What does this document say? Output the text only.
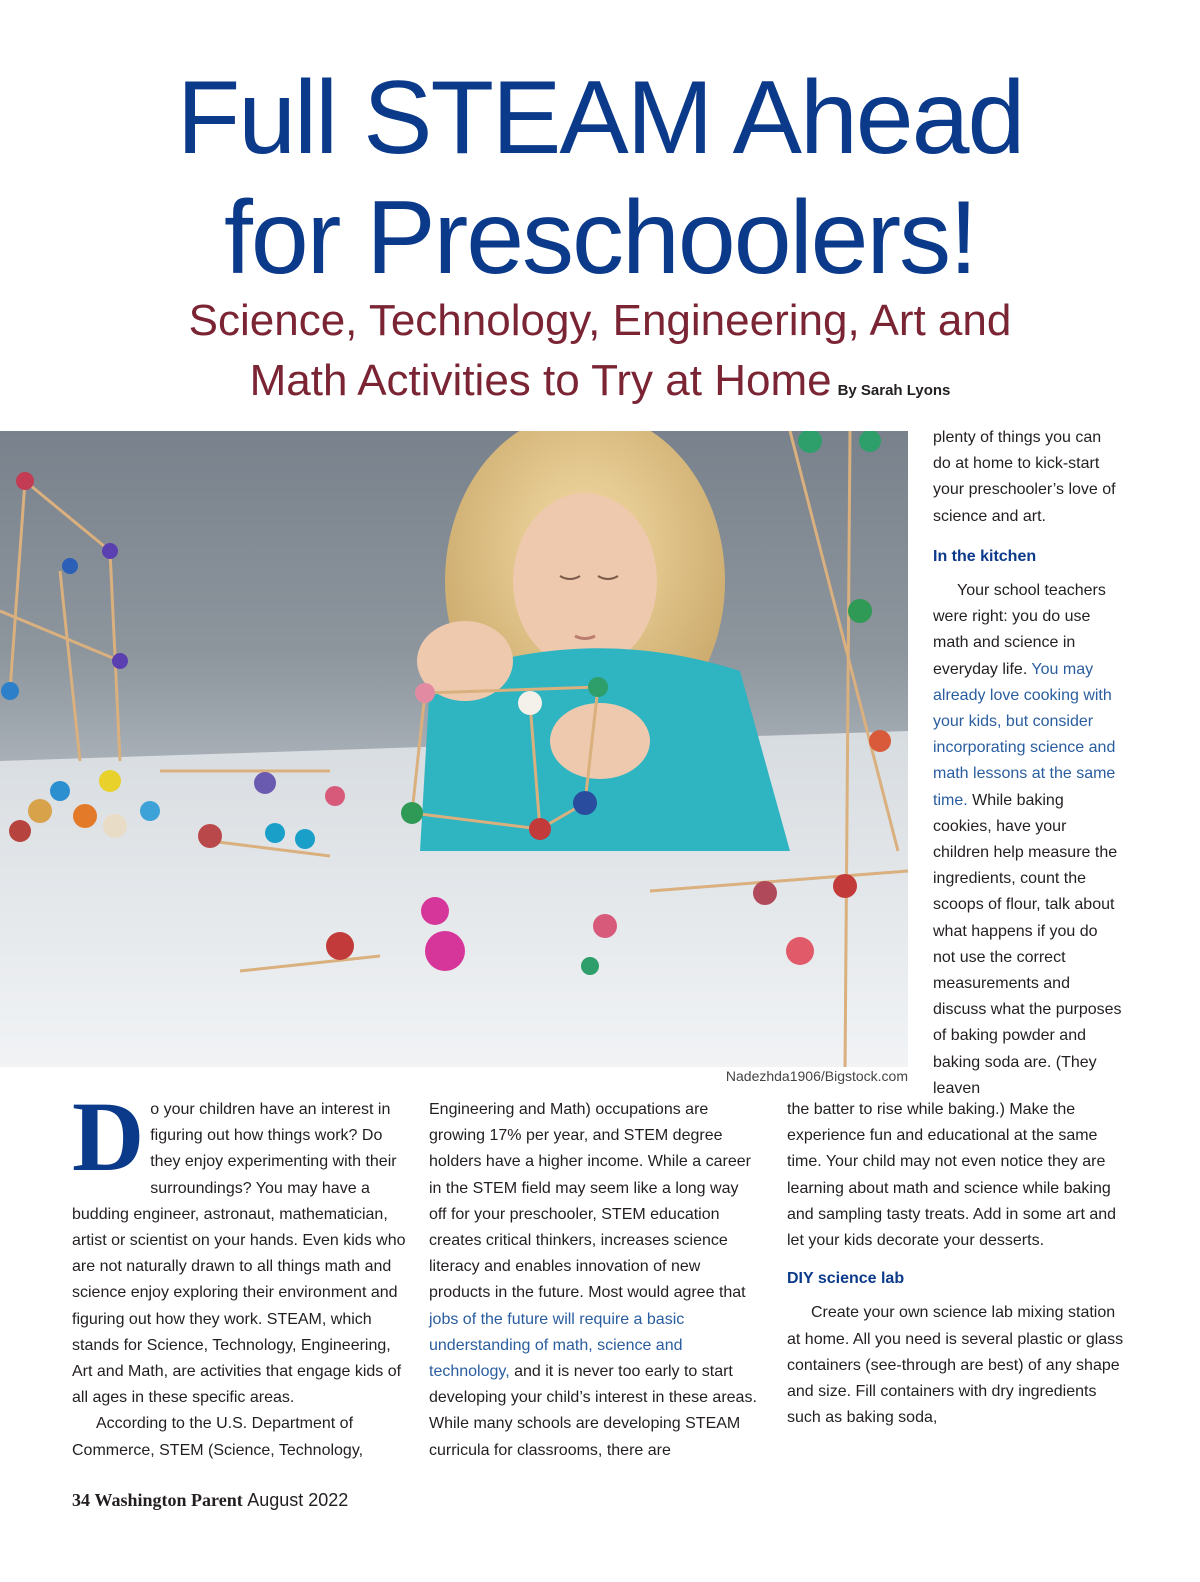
Full STEAM Ahead
for Preschoolers!

Science, Technology, Engineering, Art and

Math Activities to Try at Home By Sarah Lyons

Nadezhda1906/Bigstock.com

plenty of things you can do at home to kick-start your preschooler’s love of science and art.

In the kitchen

Your school teachers were right: you do use math and science in everyday life. You may already love cooking with your kids, but consider incorporating science and math lessons at the same time. While baking cookies, have your children help measure the ingredients, count the scoops of flour, talk about what happens if you do not use the correct measurements and discuss what the purposes of baking powder and baking soda are. (They leaven

Do your children have an interest in figuring out how things work? Do they enjoy experimenting with their surroundings? You may have a budding engineer, astronaut, mathematician, artist or scientist on your hands. Even kids who are not naturally drawn to all things math and science enjoy exploring their environment and figuring out how they work. STEAM, which stands for Science, Technology, Engineering, Art and Math, are activities that engage kids of all ages in these specific areas.

According to the U.S. Department of Commerce, STEM (Science, Technology,

Engineering and Math) occupations are growing 17% per year, and STEM degree holders have a higher income. While a career in the STEM field may seem like a long way off for your preschooler, STEM education creates critical thinkers, increases science literacy and enables innovation of new products in the future. Most would agree that jobs of the future will require a basic understanding of math, science and technology, and it is never too early to start developing your child’s interest in these areas. While many schools are developing STEAM curricula for classrooms, there are

the batter to rise while baking.) Make the experience fun and educational at the same time. Your child may not even notice they are learning about math and science while baking and sampling tasty treats. Add in some art and let your kids decorate your desserts.

DIY science lab

Create your own science lab mixing station at home. All you need is several plastic or glass containers (see-through are best) of any shape and size. Fill containers with dry ingredients such as baking soda,

34 Washington Parent August 2022
